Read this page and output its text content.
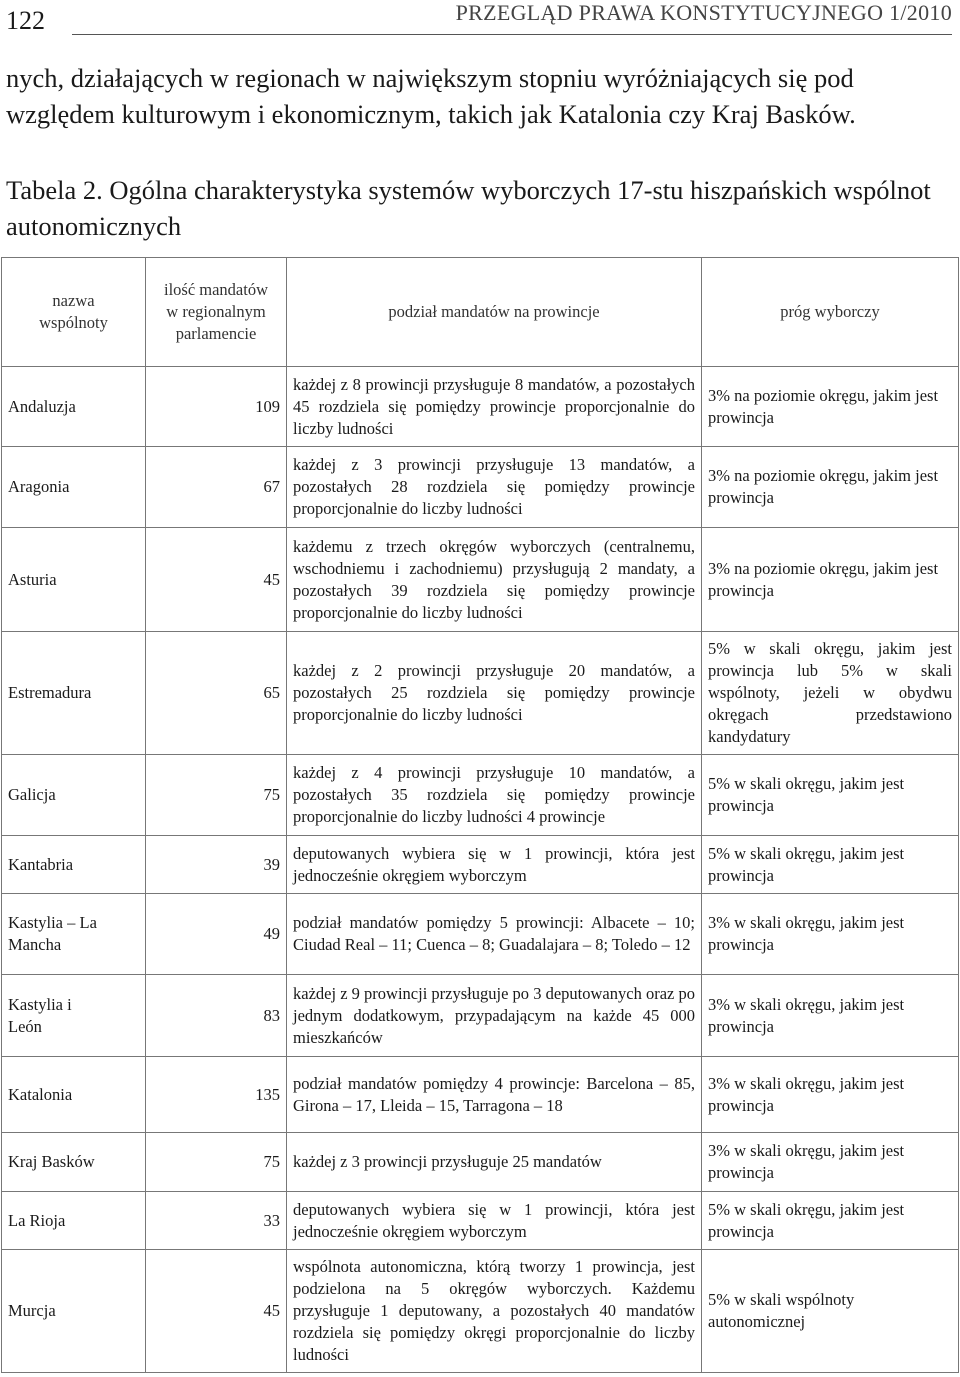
122	PRZEGLĄD PRAWA KONSTYTUCYJNEGO 1/2010
nych, działających w regionach w największym stopniu wyróżniających się pod względem kulturowym i ekonomicznym, takich jak Katalonia czy Kraj Basków.
Tabela 2. Ogólna charakterystyka systemów wyborczych 17-stu hiszpańskich wspólnot autonomicznych
nazwa wspólnoty	ilość mandatów w regionalnym parlamencie	podział mandatów na prowincje	próg wyborczy
Andaluzja	109	każdej z 8 prowincji przysługuje 8 mandatów, a pozostałych 45 rozdziela się pomiędzy prowincje proporcjonalnie do liczby ludności	3% na poziomie okręgu, jakim jest prowincja
Aragonia	67	każdej z 3 prowincji przysługuje 13 mandatów, a pozostałych 28 rozdziela się pomiędzy prowincje proporcjonalnie do liczby ludności	3% na poziomie okręgu, jakim jest prowincja
Asturia	45	każdemu z trzech okręgów wyborczych (centralnemu, wschodniemu i zachodniemu) przysługują 2 mandaty, a pozostałych 39 rozdziela się pomiędzy prowincje proporcjonalnie do liczby ludności	3% na poziomie okręgu, jakim jest prowincja
Estremadura	65	każdej z 2 prowincji przysługuje 20 mandatów, a pozostałych 25 rozdziela się pomiędzy prowincje proporcjonalnie do liczby ludności	5% w skali okręgu, jakim jest prowincja lub 5% w skali wspólnoty, jeżeli w obydwu okręgach przedstawiono kandydatury
Galicja	75	każdej z 4 prowincji przysługuje 10 mandatów, a pozostałych 35 rozdziela się pomiędzy prowincje proporcjonalnie do liczby ludności 4 prowincje	5% w skali okręgu, jakim jest prowincja
Kantabria	39	deputowanych wybiera się w 1 prowincji, która jest jednocześnie okręgiem wyborczym	5% w skali okręgu, jakim jest prowincja
Kastylia – La Mancha	49	podział mandatów pomiędzy 5 prowincji: Albacete – 10; Ciudad Real – 11; Cuenca – 8; Guadalajara – 8; Toledo – 12	3% w skali okręgu, jakim jest prowincja
Kastylia i León	83	każdej z 9 prowincji przysługuje po 3 deputowanych oraz po jednym dodatkowym, przypadającym na każde 45 000 mieszkańców	3% w skali okręgu, jakim jest prowincja
Katalonia	135	podział mandatów pomiędzy 4 prowincje: Barcelona – 85, Girona – 17, Lleida – 15, Tarragona – 18	3% w skali okręgu, jakim jest prowincja
Kraj Basków	75	każdej z 3 prowincji przysługuje 25 mandatów	3% w skali okręgu, jakim jest prowincja
La Rioja	33	deputowanych wybiera się w 1 prowincji, która jest jednocześnie okręgiem wyborczym	5% w skali okręgu, jakim jest prowincja
Murcja	45	wspólnota autonomiczna, którą tworzy 1 prowincja, jest podzielona na 5 okręgów wyborczych. Każdemu przysługuje 1 deputowany, a pozostałych 40 mandatów rozdziela się pomiędzy okręgi proporcjonalnie do liczby ludności	5% w skali wspólnoty autonomicznej
